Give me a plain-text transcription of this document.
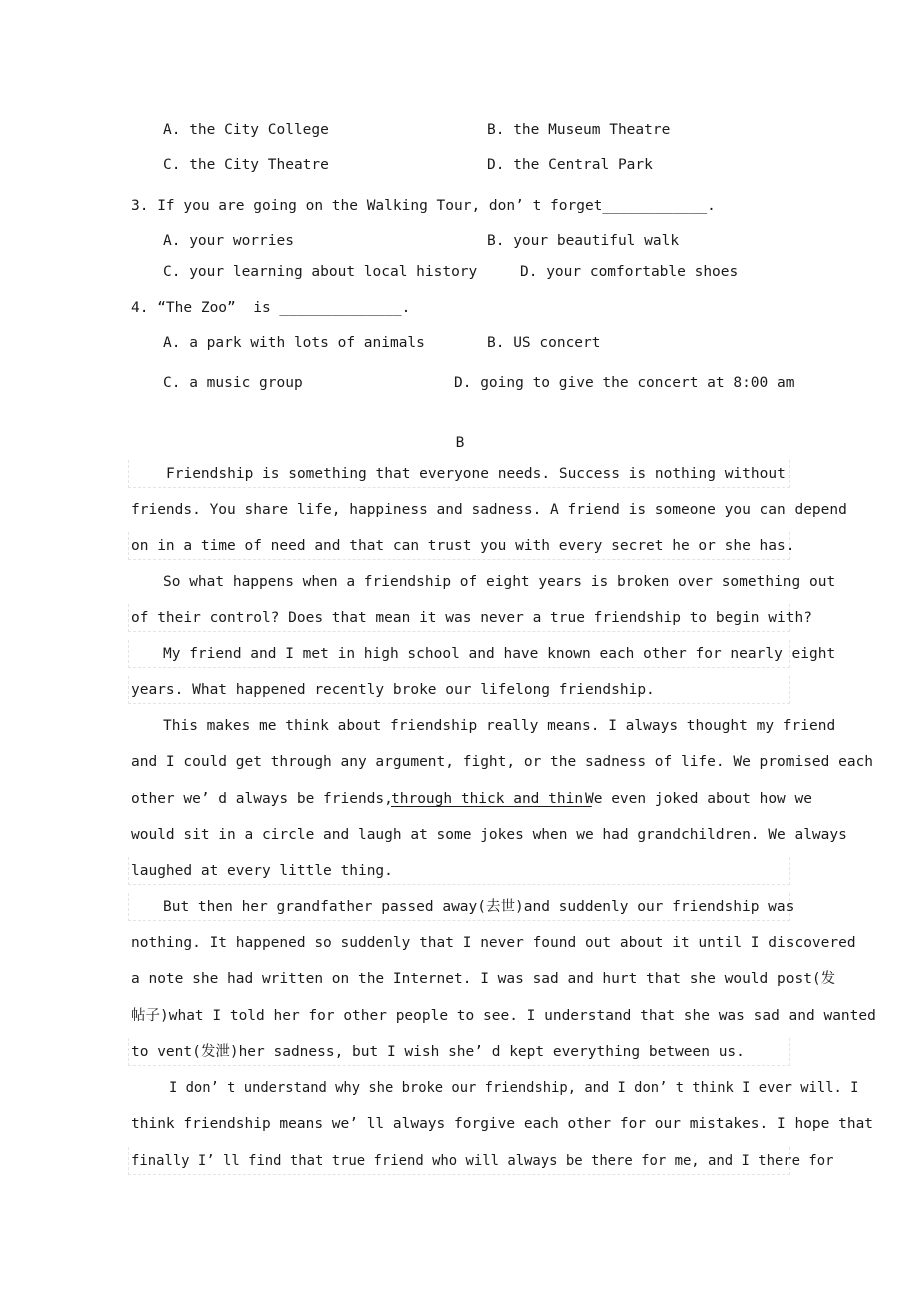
A. the City College	B. the Museum Theatre
C. the City Theatre	D. the Central Park
3. If you are going on the Walking Tour, don’ t forget____________.
A. your worries	B. your beautiful walk
C. your learning about local history	D. your comfortable shoes
4. “The Zoo”  is ______________.
A. a park with lots of animals	B. US concert
C. a music group	D. going to give the concert at 8:00 am
B
Friendship is something that everyone needs. Success is nothing without
friends. You share life, happiness and sadness. A friend is someone you can depend
on in a time of need and that can trust you with every secret he or she has.
So what happens when a friendship of eight years is broken over something out
of their control? Does that mean it was never a true friendship to begin with?
My friend and I met in high school and have known each other for nearly eight
years. What happened recently broke our lifelong friendship.
This makes me think about friendship really means. I always thought my friend
and I could get through any argument, fight, or the sadness of life. We promised each
other we’ d always be friends,
through thick and thin.
We even joked about how we
would sit in a circle and laugh at some jokes when we had grandchildren. We always
laughed at every little thing.
But then her grandfather passed away(去世)and suddenly our friendship was
nothing. It happened so suddenly that I never found out about it until I discovered
a note she had written on the Internet. I was sad and hurt that she would post(发
帖子)what I told her for other people to see. I understand that she was sad and wanted
to vent(发泄)her sadness, but I wish she’ d kept everything between us.
I don’ t understand why she broke our friendship, and I don’ t think I ever will. I
think friendship means we’ ll always forgive each other for our mistakes. I hope that
finally I’ ll find that true friend who will always be there for me, and I there for
